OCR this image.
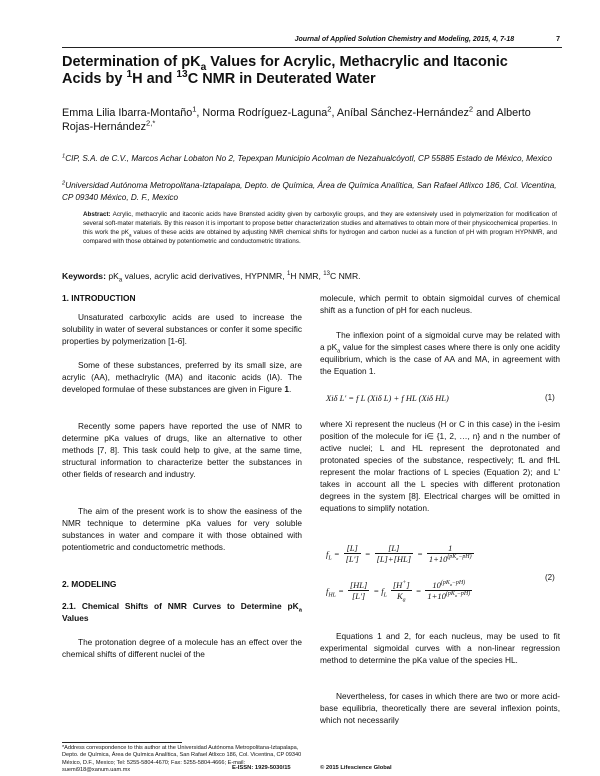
Journal of Applied Solution Chemistry and Modeling, 2015, 4, 7-18	7
Determination of $pK_a$ Values for Acrylic, Methacrylic and Itaconic
Acids by $^1$H and $^{13}$C NMR in Deuterated Water
Emma Lilia Ibarra-Montaño$^1$, Norma Rodríguez-Laguna$^2$, Aníbal Sánchez-Hernández$^2$ and Alberto Rojas-Hernández$^{2,*}$
$^1$CIP, S.A. de C.V., Marcos Achar Lobaton No 2, Tepexpan Municipio Acolman de Nezahualcóyotl, CP 55885 Estado de México, Mexico
$^2$Universidad Autónoma Metropolitana-Iztapalapa, Depto. de Química, Área de Química Analítica, San Rafael Atlixco 186, Col. Vicentina, CP 09340 México, D. F., Mexico
Abstract: Acrylic, methacrylic and itaconic acids have Brønsted acidity given by carboxylic groups, and they are extensively used in polymerization for modification of several soft-mater materials. By this reason it is important to propose better characterization studies and alternatives to obtain more of their physicochemical properties. In this work the $pK_a$ values of these acids are obtained by adjusting NMR chemical shifts for hydrogen and carbon nuclei as a function of pH with program HYPNMR, and compared with those obtained by potentiometric and conductometric titrations.
Keywords: $pK_a$ values, acrylic acid derivatives, HYPNMR, $^1$H NMR, $^{13}$C NMR.
1. INTRODUCTION
Unsaturated carboxylic acids are used to increase the solubility in water of several substances or confer it some specific properties by polymerization [1-6].
Some of these substances, preferred by its small size, are acrylic (AA), methaclrylic (MA) and itaconic acids (IA). The developed formulae of these substances are given in Figure 1.
Recently some papers have reported the use of NMR to determine pKa values of drugs, like an alternative to other methods [7, 8]. This task could help to give, at the same time, structural information to characterize better the substances in other fields of research and industry.
The aim of the present work is to show the easiness of the NMR technique to determine pKa values for very soluble substances in water and compare it with those obtained with potentiometric and conductometric methods.
2. MODELING
2.1. Chemical Shifts of NMR Curves to Determine $pK_a$ Values
The protonation degree of a molecule has an effect over the chemical shifts of different nuclei of the
molecule, which permit to obtain sigmoidal curves of chemical shift as a function of pH for each nucleus.
The inflexion point of a sigmoidal curve may be related with a $pK_a$ value for the simplest cases where there is only one acidity equilibrium, which is the case of AA and MA, in agreement with the Equation 1.
Xiδ L' = f L (Xiδ L) + f HL (Xiδ HL)	(1)
where Xi represent the nucleus (H or C in this case) in the i-esim position of the molecule for i∈ {1, 2, …, n} and n the number of active nuclei; L and HL represent the deprotonated and protonated species of the substance, respectively; fL and fHL represent the molar fractions of L species (Equation 2); and L' takes in account all the L species with different protonation degrees in the system [8]. Electrical charges will be omitted in equations to simplify notation.
$f_L = \frac{[L]}{[L']} = \frac{[L]}{[L]+[HL]} = \frac{1}{1+10^{(pK_a-pH)}}$
$f_{HL} = \frac{[HL]}{[L']} = f_L \frac{[H^+]}{K_a} = \frac{10^{(pK_a-pH)}}{1+10^{(pK_a-pH)}}$
(2)
Equations 1 and 2, for each nucleus, may be used to fit experimental sigmoidal curves with a non-linear regression method to determine the pKa value of the species HL.
Nevertheless, for cases in which there are two or more acid-base equilibria, theoretically there are several inflexion points, which not necessarily
*Address correspondence to this author at the Universidad Autónoma Metropolitana-Iztapalapa, Depto. de Química, Área de Química Analítica, San Rafael Atlixco 186, Col. Vicentina, CP 09340 México, D.F., Mexico; Tel: 5255-5804-4670; Fax: 5255-5804-4666; E-mail: suemi918@xanum.uam.mx	E-ISSN: 1929-5030/15	© 2015 Lifescience Global
